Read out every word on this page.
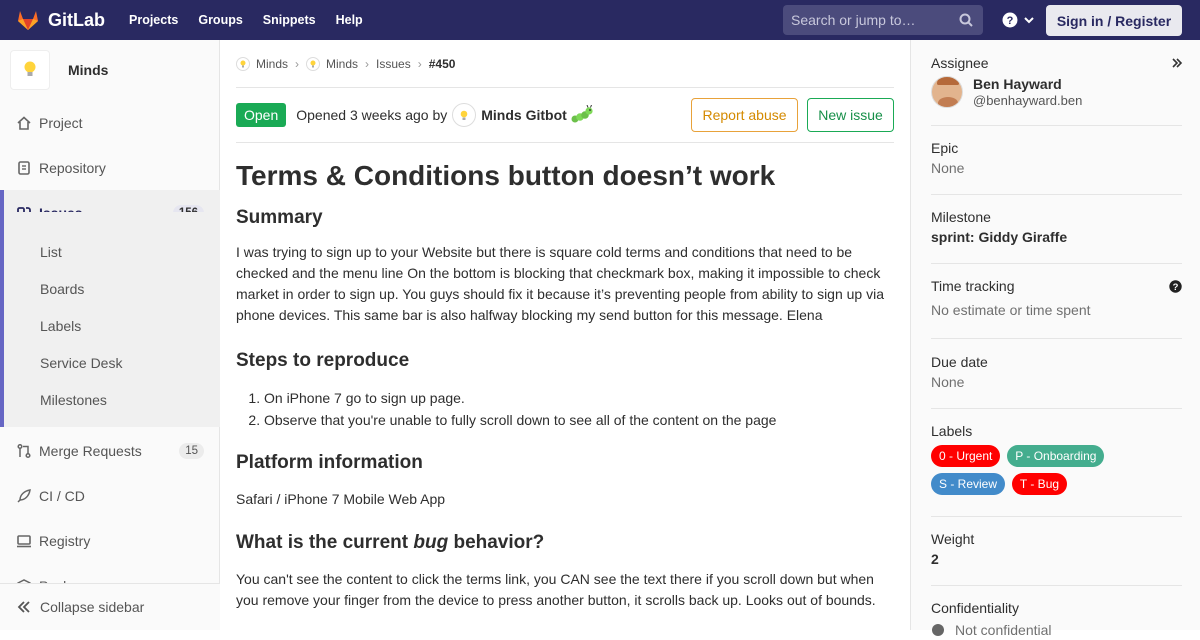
GitLab Projects Groups Snippets Help	Search or jump to…	?	Sign in / Register
Minds
Project
Repository
List
Boards
Labels
Service Desk
Milestones
Merge Requests	15
CI / CD
Registry
Collapse sidebar
Minds › Minds › Issues › #450
Open	Opened 3 weeks ago by Minds Gitbot	Report abuse	New issue
Terms & Conditions button doesn’t work
Summary

I was trying to sign up to your Website but there is square cold terms and conditions that need to be checked and the menu line On the bottom is blocking that checkmark box, making it impossible to check market in order to sign up. You guys should fix it because it’s preventing people from ability to sign up via phone devices. This same bar is also halfway blocking my send button for this message. Elena

Steps to reproduce
1. On iPhone 7 go to sign up page.
2. Observe that you're unable to fully scroll down to see all of the content on the page
Platform information

Safari / iPhone 7 Mobile Web App

What is the current bug behavior?

You can't see the content to click the terms link, you CAN see the text there if you scroll down but when you remove your finger from the device to press another button, it scrolls back up. Looks out of bounds.

Assignee
Ben Hayward
@benhayward.ben
Epic
None
Milestone
sprint: Giddy Giraffe
Time tracking
No estimate or time spent
?
Due date
None
Labels
0 - Urgent P - Onboarding S - Review T - Bug
Weight
2
Confidentiality
Not confidential
